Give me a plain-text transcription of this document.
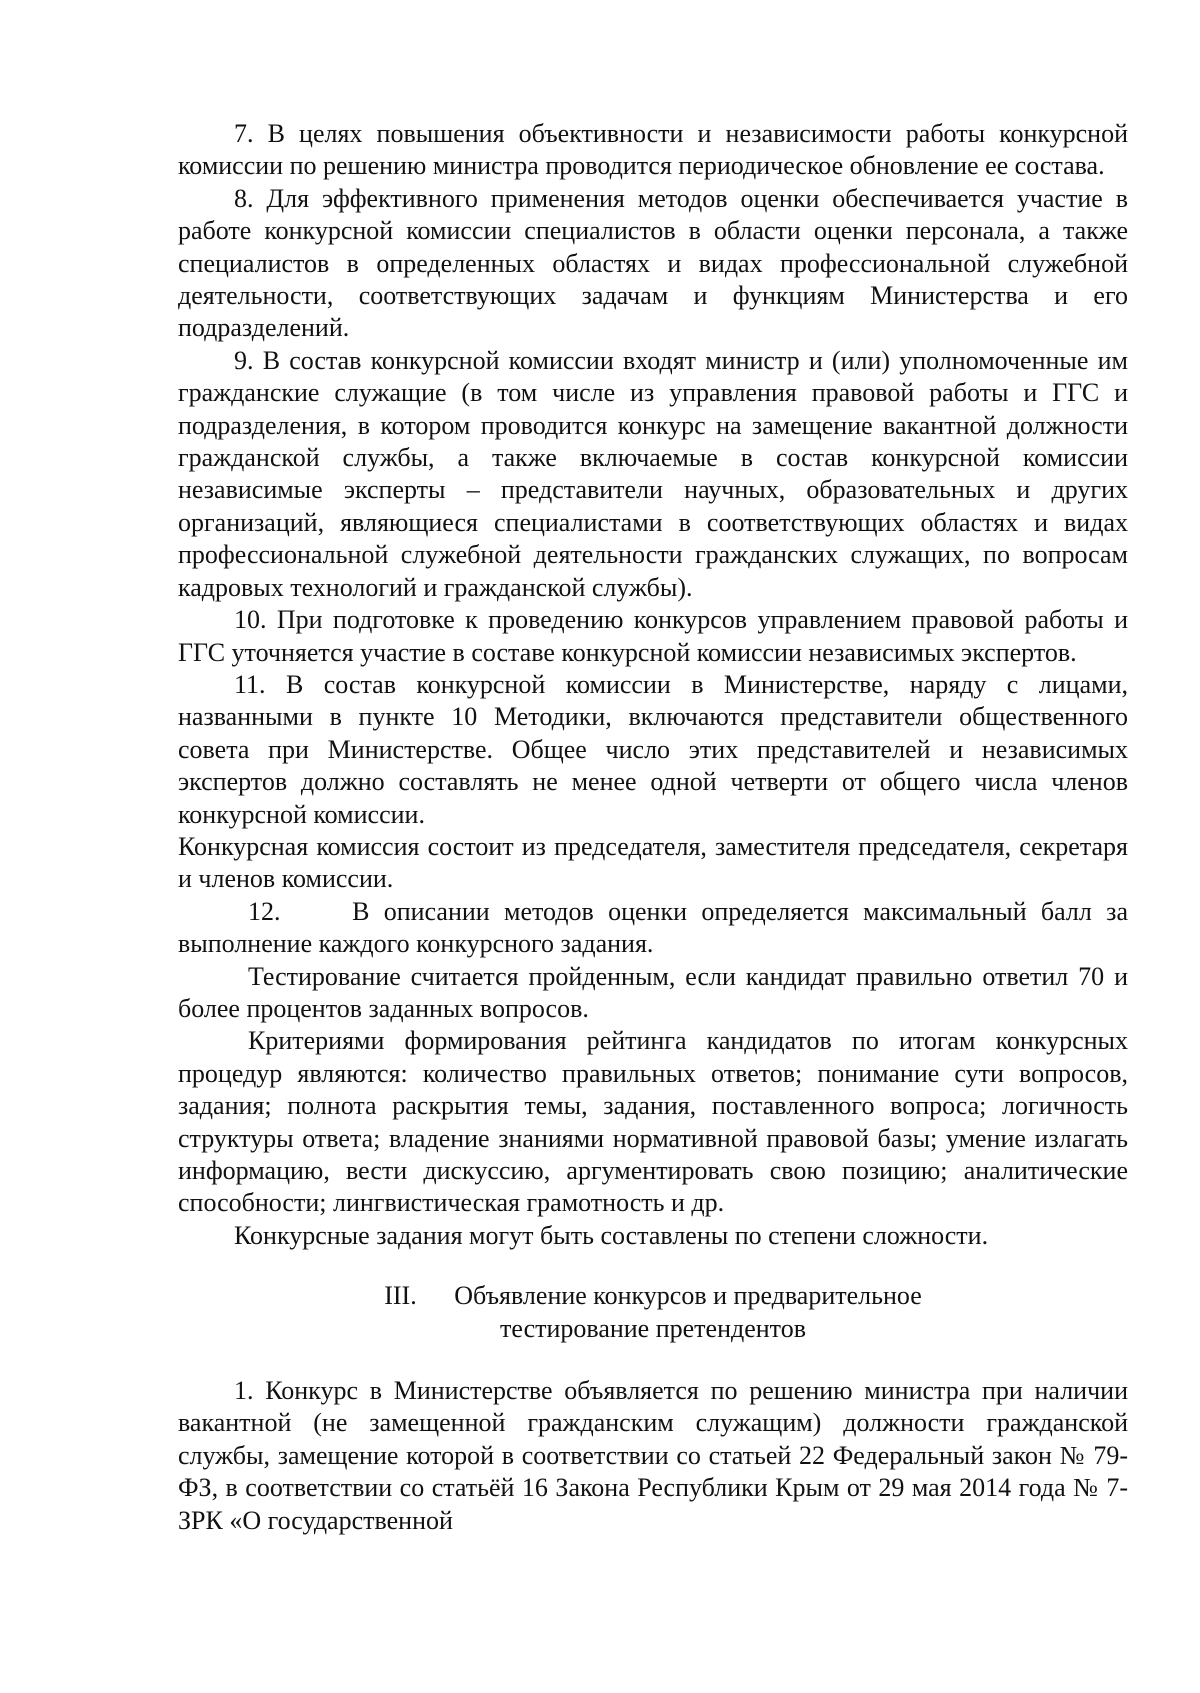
7. В целях повышения объективности и независимости работы конкурсной комиссии по решению министра проводится периодическое обновление ее состава.

8. Для эффективного применения методов оценки обеспечивается участие в работе конкурсной комиссии специалистов в области оценки персонала, а также специалистов в определенных областях и видах профессиональной служебной деятельности, соответствующих задачам и функциям Министерства и его подразделений.

9. В состав конкурсной комиссии входят министр и (или) уполномоченные им гражданские служащие (в том числе из управления правовой работы и ГГС и подразделения, в котором проводится конкурс на замещение вакантной должности гражданской службы, а также включаемые в состав конкурсной комиссии независимые эксперты – представители научных, образовательных и других организаций, являющиеся специалистами в соответствующих областях и видах профессиональной служебной деятельности гражданских служащих, по вопросам кадровых технологий и гражданской службы).

10. При подготовке к проведению конкурсов управлением правовой работы и ГГС уточняется участие в составе конкурсной комиссии независимых экспертов.

11. В состав конкурсной комиссии в Министерстве, наряду с лицами, названными в пункте 10 Методики, включаются представители общественного совета при Министерстве. Общее число этих представителей и независимых экспертов должно составлять не менее одной четверти от общего числа членов конкурсной комиссии.

Конкурсная комиссия состоит из председателя, заместителя председателя, секретаря и членов комиссии.

12.     В описании методов оценки определяется максимальный балл за выполнение каждого конкурсного задания.

Тестирование считается пройденным, если кандидат правильно ответил 70 и более процентов заданных вопросов.

Критериями формирования рейтинга кандидатов по итогам конкурсных процедур являются: количество правильных ответов; понимание сути вопросов, задания; полнота раскрытия темы, задания, поставленного вопроса; логичность структуры ответа; владение знаниями нормативной правовой базы; умение излагать информацию, вести дискуссию, аргументировать свою позицию; аналитические способности; лингвистическая грамотность и др.

Конкурсные задания могут быть составлены по степени сложности.

III. Объявление конкурсов и предварительное
тестирование претендентов

1. Конкурс в Министерстве объявляется по решению министра при наличии вакантной (не замещенной гражданским служащим) должности гражданской службы, замещение которой в соответствии со статьей 22 Федеральный закон № 79-ФЗ, в соответствии со статьёй 16 Закона Республики Крым от 29 мая 2014 года № 7-ЗРК «О государственной
